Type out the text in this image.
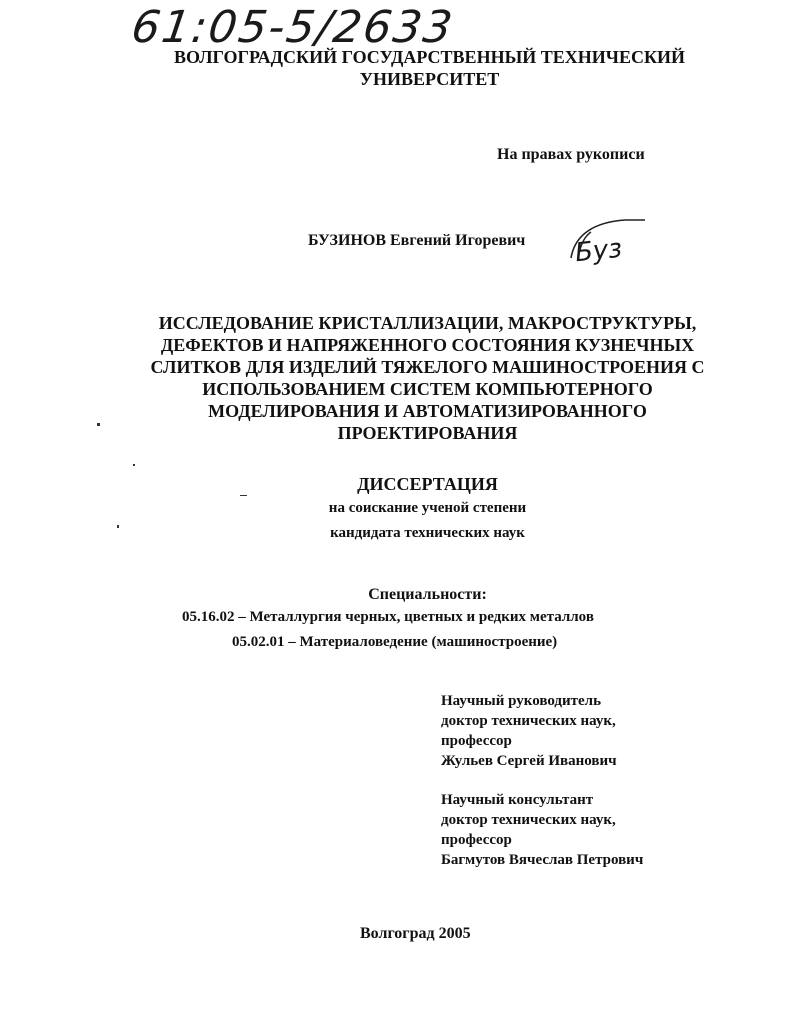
61:05-5/2633
ВОЛГОГРАДСКИЙ ГОСУДАРСТВЕННЫЙ ТЕХНИЧЕСКИЙ
УНИВЕРСИТЕТ
На правах рукописи
БУЗИНОВ Евгений Игоревич Буз
ИССЛЕДОВАНИЕ КРИСТАЛЛИЗАЦИИ, МАКРОСТРУКТУРЫ,
ДЕФЕКТОВ И НАПРЯЖЕННОГО СОСТОЯНИЯ КУЗНЕЧНЫХ
СЛИТКОВ ДЛЯ ИЗДЕЛИЙ ТЯЖЕЛОГО МАШИНОСТРОЕНИЯ С
ИСПОЛЬЗОВАНИЕМ СИСТЕМ КОМПЬЮТЕРНОГО
МОДЕЛИРОВАНИЯ И АВТОМАТИЗИРОВАННОГО
ПРОЕКТИРОВАНИЯ
ДИССЕРТАЦИЯ
на соискание ученой степени
кандидата технических наук
Специальности:
05.16.02 – Металлургия черных, цветных и редких металлов
05.02.01 – Материаловедение (машиностроение)
Научный руководитель
доктор технических наук,
профессор
Жульев Сергей Иванович
Научный консультант
доктор технических наук,
профессор
Багмутов Вячеслав Петрович
Волгоград 2005
